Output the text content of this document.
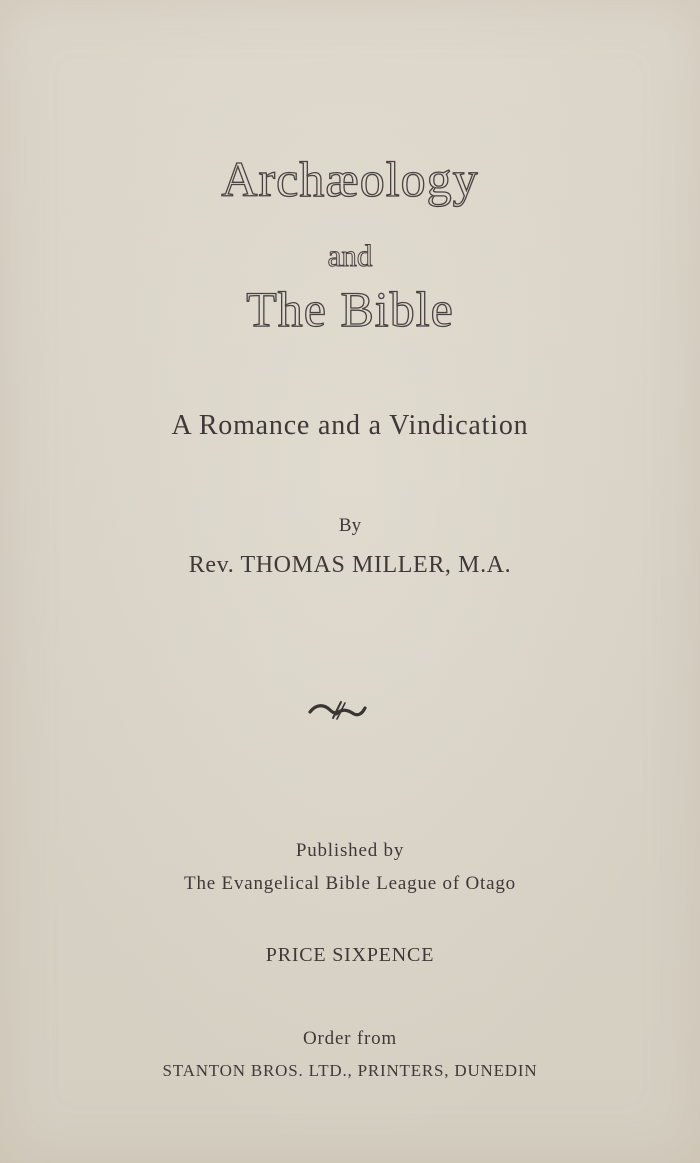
Archæology
and
The Bible
A Romance and a Vindication
By
Rev. THOMAS MILLER, M.A.
Published by
The Evangelical Bible League of Otago
PRICE SIXPENCE
Order from
STANTON BROS. LTD., PRINTERS, DUNEDIN
